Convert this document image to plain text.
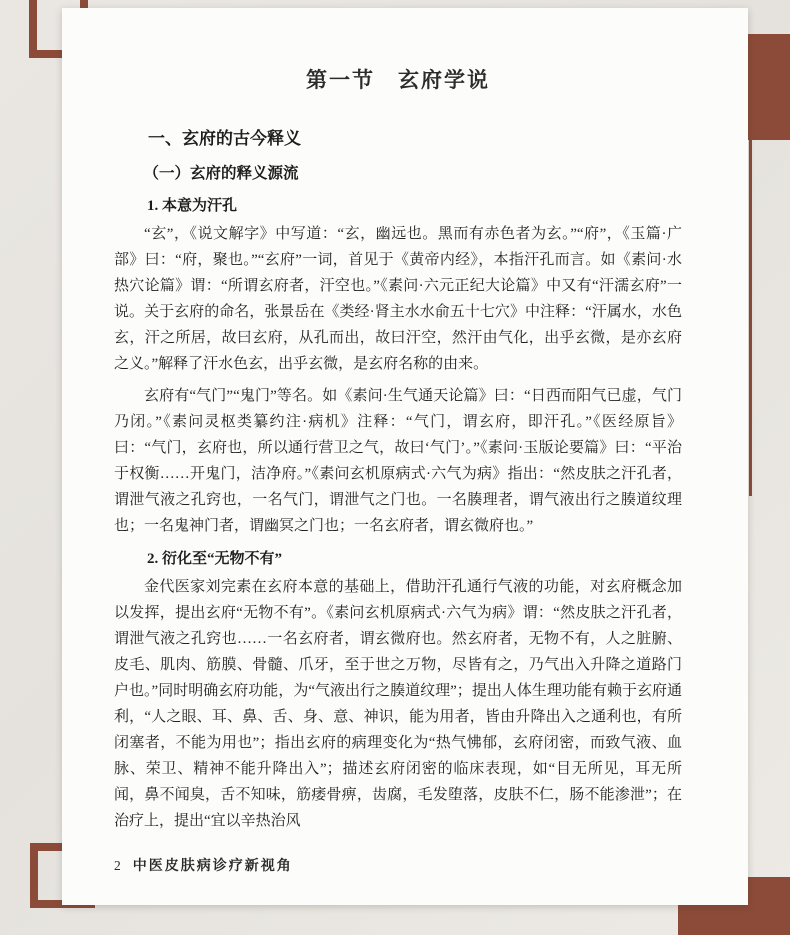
第一节　玄府学说
一、玄府的古今释义
（一）玄府的释义源流
1. 本意为汗孔

“玄”，《说文解字》中写道：“玄，幽远也。黑而有赤色者为玄。”“府”，《玉篇·广部》曰：“府，聚也。”“玄府”一词，首见于《黄帝内经》，本指汗孔而言。如《素问·水热穴论篇》谓：“所谓玄府者，汗空也。”《素问·六元正纪大论篇》中又有“汗濡玄府”一说。关于玄府的命名，张景岳在《类经·肾主水水俞五十七穴》中注释：“汗属水，水色玄，汗之所居，故曰玄府，从孔而出，故曰汗空，然汗由气化，出乎玄微，是亦玄府之义。”解释了汗水色玄，出乎玄微，是玄府名称的由来。

玄府有“气门”“鬼门”等名。如《素问·生气通天论篇》曰：“日西而阳气已虚，气门乃闭。”《素问灵枢类纂约注·病机》注释：“气门，谓玄府，即汗孔。”《医经原旨》曰：“气门，玄府也，所以通行营卫之气，故曰‘气门’。”《素问·玉版论要篇》曰：“平治于权衡……开鬼门，洁净府。”《素问玄机原病式·六气为病》指出：“然皮肤之汗孔者，谓泄气液之孔窍也，一名气门，谓泄气之门也。一名腠理者，谓气液出行之腠道纹理也；一名鬼神门者，谓幽冥之门也；一名玄府者，谓玄微府也。”

2. 衍化至“无物不有”

金代医家刘完素在玄府本意的基础上，借助汗孔通行气液的功能，对玄府概念加以发挥，提出玄府“无物不有”。《素问玄机原病式·六气为病》谓：“然皮肤之汗孔者，谓泄气液之孔窍也……一名玄府者，谓玄微府也。然玄府者，无物不有，人之脏腑、皮毛、肌肉、筋膜、骨髓、爪牙，至于世之万物，尽皆有之，乃气出入升降之道路门户也。”同时明确玄府功能，为“气液出行之腠道纹理”；提出人体生理功能有赖于玄府通利，“人之眼、耳、鼻、舌、身、意、神识，能为用者，皆由升降出入之通利也，有所闭塞者，不能为用也”；指出玄府的病理变化为“热气怫郁，玄府闭密，而致气液、血脉、荣卫、精神不能升降出入”；描述玄府闭密的临床表现，如“目无所见，耳无所闻，鼻不闻臭，舌不知味，筋痿骨痹，齿腐，毛发堕落，皮肤不仁，肠不能渗泄”；在治疗上，提出“宜以辛热治风

2 中医皮肤病诊疗新视角
